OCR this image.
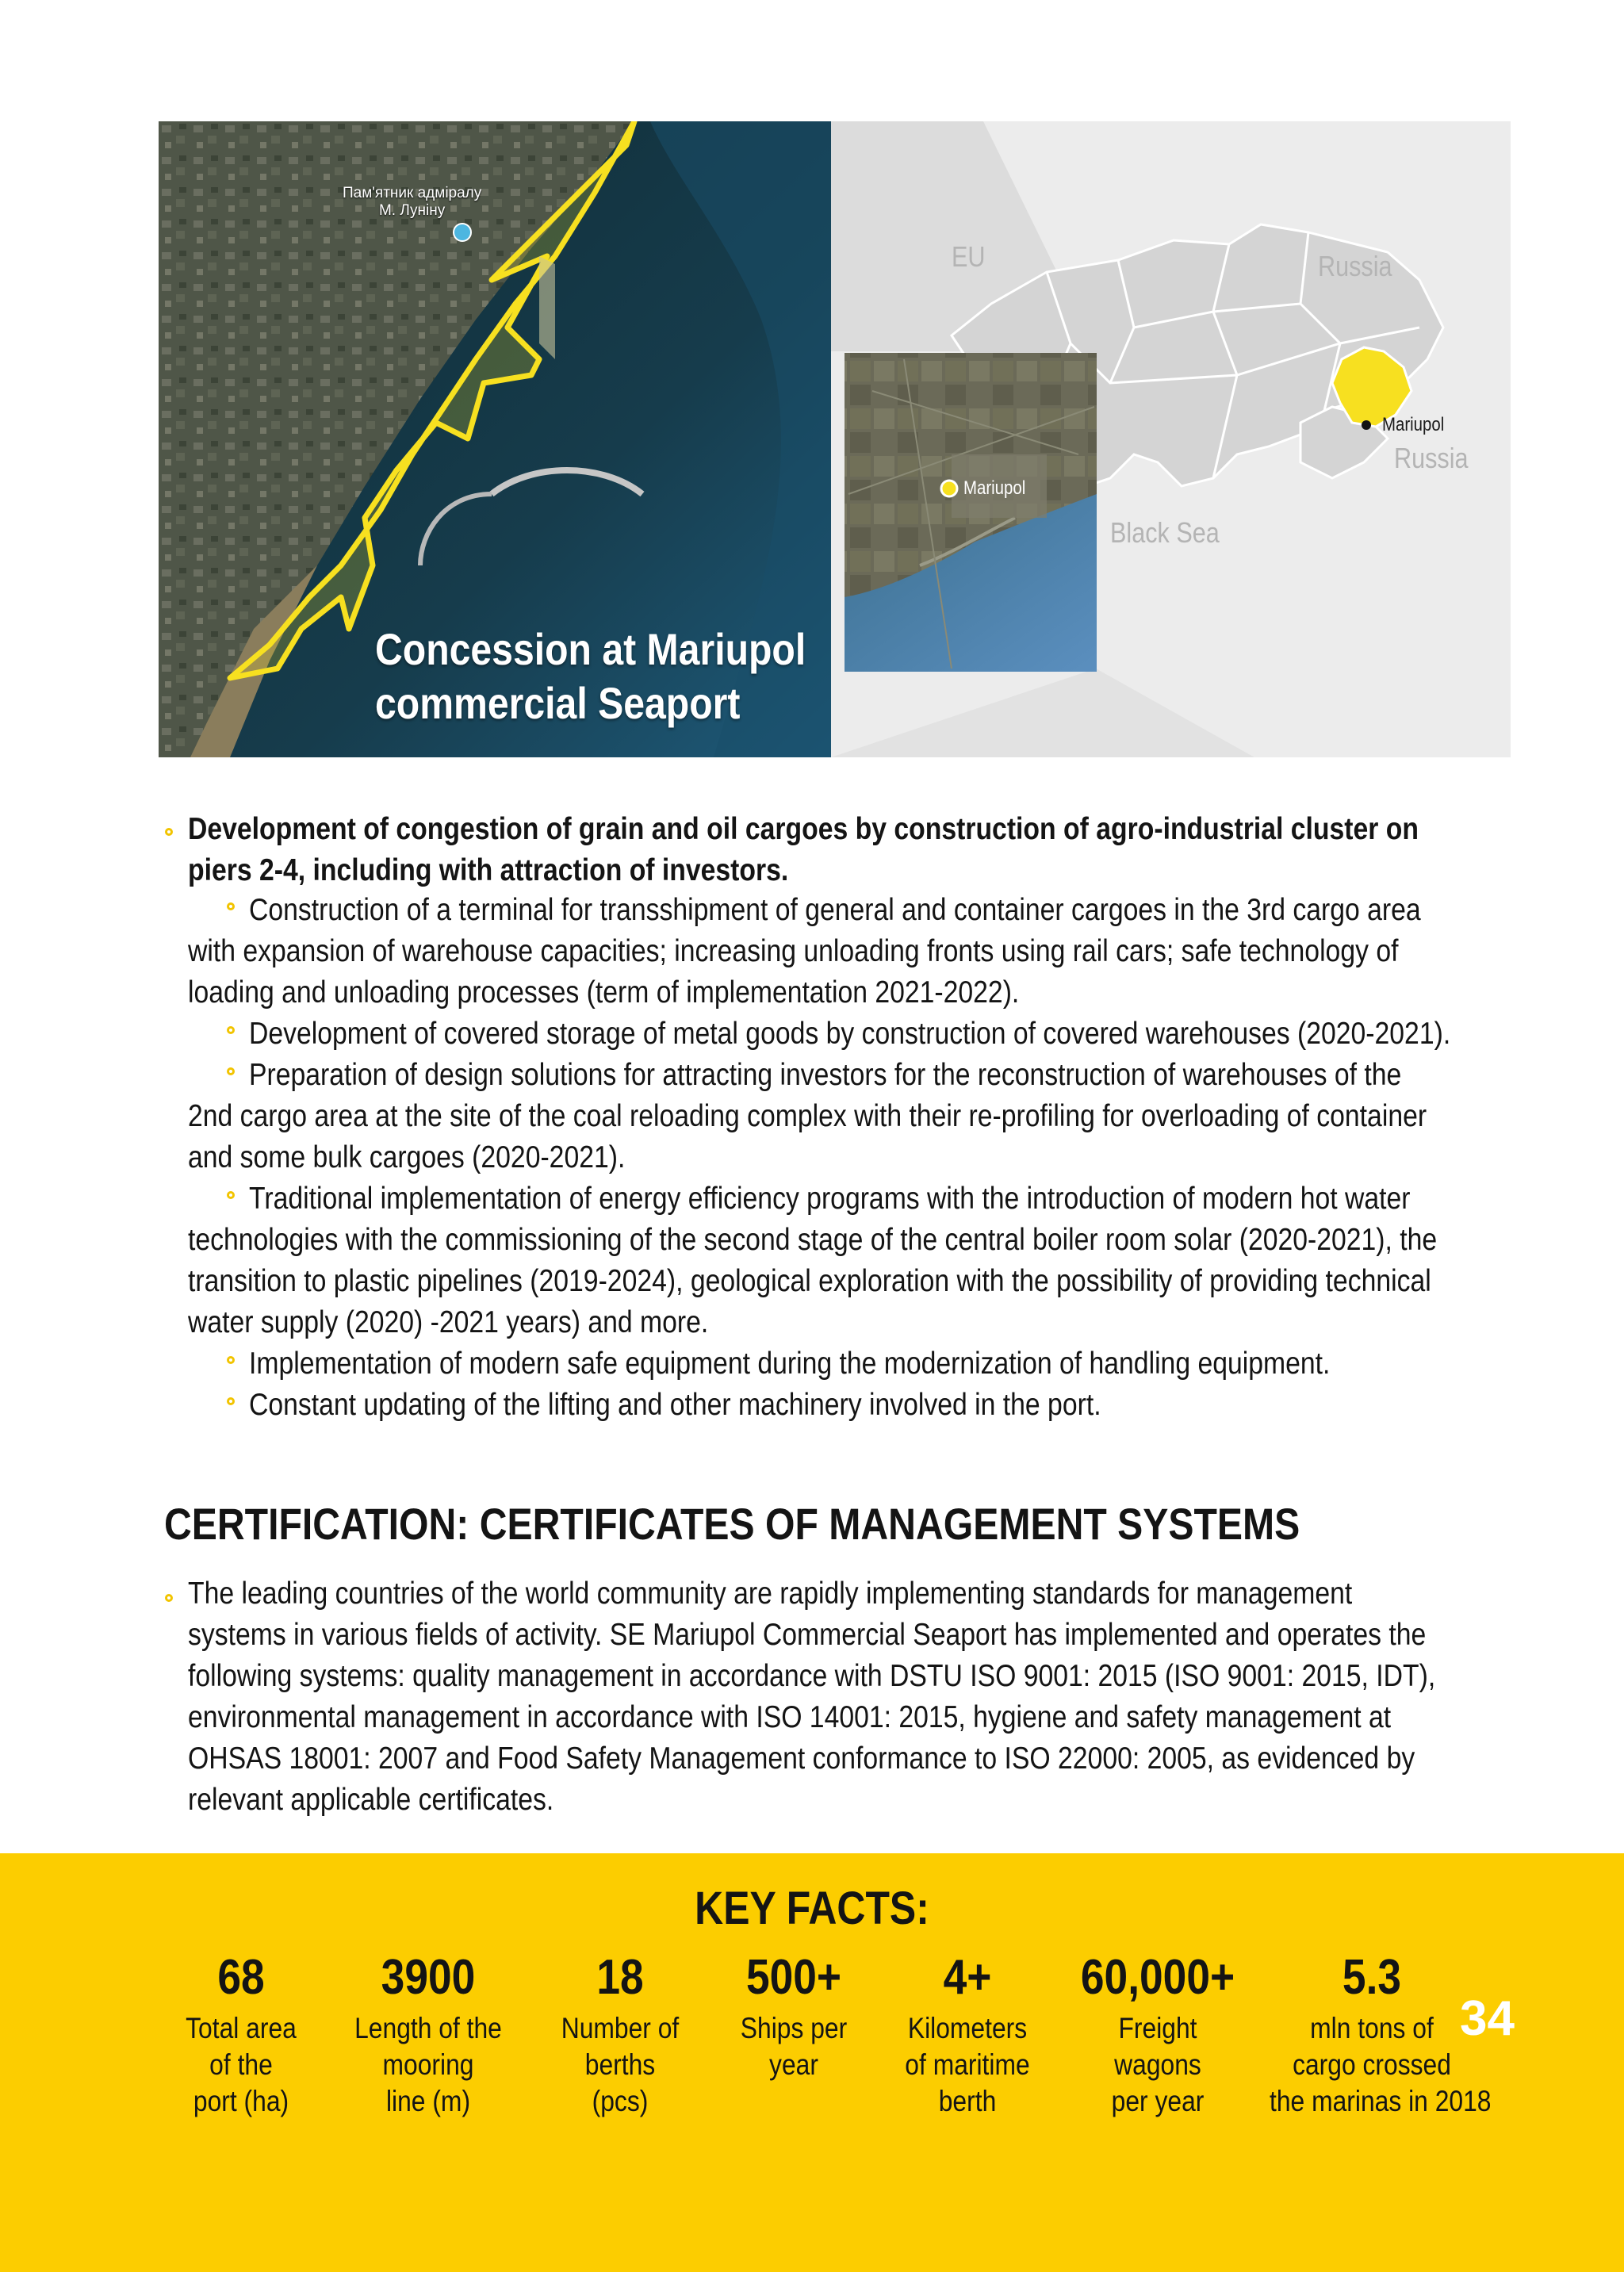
Пам'ятник адміралу
М. Луніну
Concession at Mariupol
commercial Seaport
EU	Russia
Russia
Black Sea
Mariupol
Mariupol
Development of congestion of grain and oil cargoes by construction of agro-industrial cluster on
piers 2-4, including with attraction of investors.
Construction of a terminal for transshipment of general and container cargoes in the 3rd cargo area
with expansion of warehouse capacities; increasing unloading fronts using rail cars; safe technology of
loading and unloading processes (term of implementation 2021-2022).
Development of covered storage of metal goods by construction of covered warehouses (2020-2021).
Preparation of design solutions for attracting investors for the reconstruction of warehouses of the
2nd cargo area at the site of the coal reloading complex with their re-profiling for overloading of container
and some bulk cargoes (2020-2021).
Traditional implementation of energy efficiency programs with the introduction of modern hot water
technologies with the commissioning of the second stage of the central boiler room solar (2020-2021), the
transition to plastic pipelines (2019-2024), geological exploration with the possibility of providing technical
water supply (2020) -2021 years) and more.
Implementation of modern safe equipment during the modernization of handling equipment.
Constant updating of the lifting and other machinery involved in the port.
CERTIFICATION: CERTIFICATES OF MANAGEMENT SYSTEMS
The leading countries of the world community are rapidly implementing standards for management
systems in various fields of activity. SE Mariupol Commercial Seaport has implemented and operates the
following systems: quality management in accordance with DSTU ISO 9001: 2015 (ISO 9001: 2015, IDT),
environmental management in accordance with ISO 14001: 2015, hygiene and safety management at
OHSAS 18001: 2007 and Food Safety Management conformance to ISO 22000: 2005, as evidenced by
relevant applicable certificates.
KEY FACTS:
68
Total area
of the
port (ha)
3900
Length of the
mooring
line (m)
18
Number of
berths
(pcs)
500+
Ships per
year
4+
Kilometers
of maritime
berth
60,000+
Freight
wagons
per year
5.3
mln tons of
cargo crossed
the marinas in 2018
34
